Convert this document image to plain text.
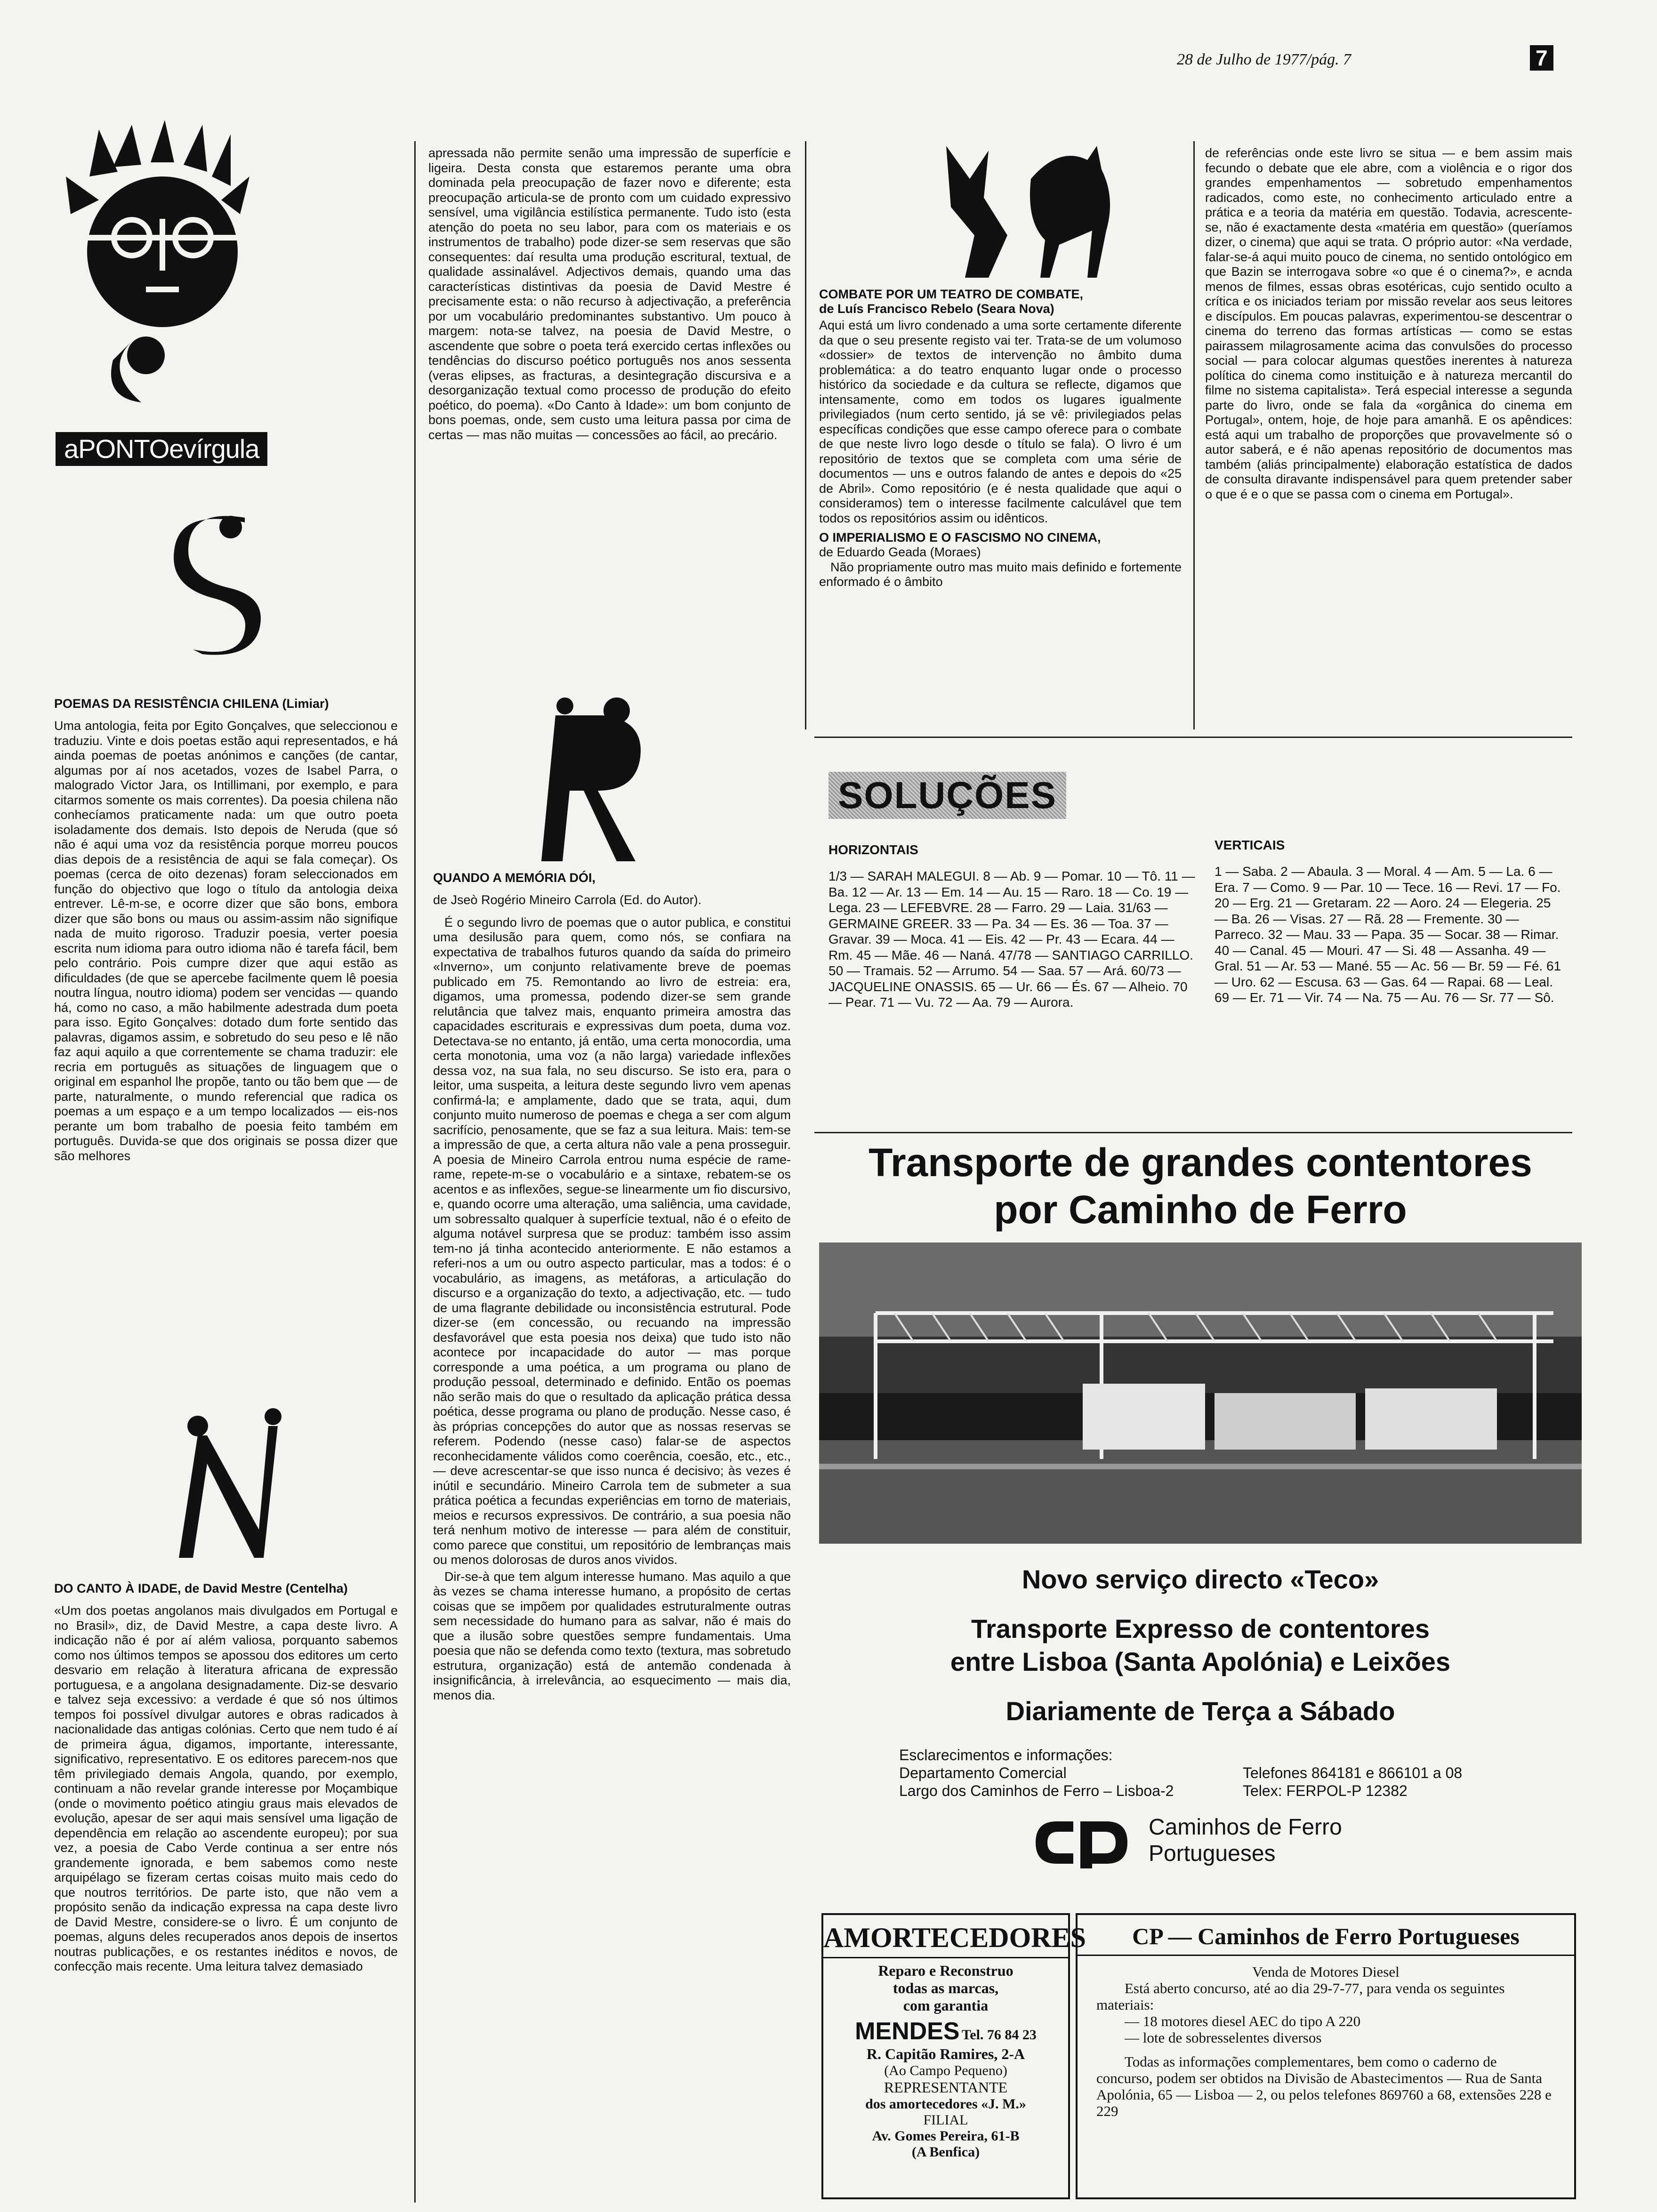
28 de Julho de 1977/pág. 7	7
aPONTOevírgula
POEMAS DA RESISTÊNCIA CHILENA (Limiar)

Uma antologia, feita por Egito Gonçalves, que seleccionou e traduziu. Vinte e dois poetas estão aqui representados, e há ainda poemas de poetas anónimos e canções (de cantar, algumas por aí nos acetados, vozes de Isabel Parra, o malogrado Victor Jara, os Intillimani, por exemplo, e para citarmos somente os mais correntes). Da poesia chilena não conhecíamos praticamente nada: um que outro poeta isoladamente dos demais. Isto depois de Neruda (que só não é aqui uma voz da resistência porque morreu poucos dias depois de a resistência de aqui se fala começar). Os poemas (cerca de oito dezenas) foram seleccionados em função do objectivo que logo o título da antologia deixa entrever. Lê-m-se, e ocorre dizer que são bons, embora dizer que são bons ou maus ou assim-assim não signifique nada de muito rigoroso. Traduzir poesia, verter poesia escrita num idioma para outro idioma não é tarefa fácil, bem pelo contrário. Pois cumpre dizer que aqui estão as dificuldades (de que se apercebe facilmente quem lê poesia noutra língua, noutro idioma) podem ser vencidas — quando há, como no caso, a mão habilmente adestrada dum poeta para isso. Egito Gonçalves: dotado dum forte sentido das palavras, digamos assim, e sobretudo do seu peso e lê não faz aqui aquilo a que correntemente se chama traduzir: ele recria em português as situações de linguagem que o original em espanhol lhe propõe, tanto ou tão bem que — de parte, naturalmente, o mundo referencial que radica os poemas a um espaço e a um tempo localizados — eis-nos perante um bom trabalho de poesia feito também em português. Duvida-se que dos originais se possa dizer que são melhores

DO CANTO À IDADE, de David Mestre (Centelha)

«Um dos poetas angolanos mais divulgados em Portugal e no Brasil», diz, de David Mestre, a capa deste livro. A indicação não é por aí além valiosa, porquanto sabemos como nos últimos tempos se apossou dos editores um certo desvario em relação à literatura africana de expressão portuguesa, e a angolana designadamente. Diz-se desvario e talvez seja excessivo: a verdade é que só nos últimos tempos foi possível divulgar autores e obras radicados à nacionalidade das antigas colónias. Certo que nem tudo é aí de primeira água, digamos, importante, interessante, significativo, representativo. E os editores parecem-nos que têm privilegiado demais Angola, quando, por exemplo, continuam a não revelar grande interesse por Moçambique (onde o movimento poético atingiu graus mais elevados de evolução, apesar de ser aqui mais sensível uma ligação de dependência em relação ao ascendente europeu); por sua vez, a poesia de Cabo Verde continua a ser entre nós grandemente ignorada, e bem sabemos como neste arquipélago se fizeram certas coisas muito mais cedo do que noutros territórios. De parte isto, que não vem a propósito senão da indicação expressa na capa deste livro de David Mestre, considere-se o livro. É um conjunto de poemas, alguns deles recuperados anos depois de insertos noutras publicações, e os restantes inéditos e novos, de confecção mais recente. Uma leitura talvez demasiado

apressada não permite senão uma impressão de superfície e ligeira. Desta consta que estaremos perante uma obra dominada pela preocupação de fazer novo e diferente; esta preocupação articula-se de pronto com um cuidado expressivo sensível, uma vigilância estilística permanente. Tudo isto (esta atenção do poeta no seu labor, para com os materiais e os instrumentos de trabalho) pode dizer-se sem reservas que são consequentes: daí resulta uma produção escritural, textual, de qualidade assinalável. Adjectivos demais, quando uma das características distintivas da poesia de David Mestre é precisamente esta: o não recurso à adjectivação, a preferência por um vocabulário predominantes substantivo. Um pouco à margem: nota-se talvez, na poesia de David Mestre, o ascendente que sobre o poeta terá exercido certas inflexões ou tendências do discurso poético português nos anos sessenta (veras elipses, as fracturas, a desintegração discursiva e a desorganização textual como processo de produção do efeito poético, do poema). «Do Canto à Idade»: um bom conjunto de bons poemas, onde, sem custo uma leitura passa por cima de certas — mas não muitas — concessões ao fácil, ao precário.

QUANDO A MEMÓRIA DÓI,
de Jseò Rogério Mineiro Carrola (Ed. do Autor).

É o segundo livro de poemas que o autor publica, e constitui uma desilusão para quem, como nós, se confiara na expectativa de trabalhos futuros quando da saída do primeiro «Inverno», um conjunto relativamente breve de poemas publicado em 75. Remontando ao livro de estreia: era, digamos, uma promessa, podendo dizer-se sem grande relutância que talvez mais, enquanto primeira amostra das capacidades escriturais e expressivas dum poeta, duma voz. Detectava-se no entanto, já então, uma certa monocordia, uma certa monotonia, uma voz (a não larga) variedade inflexões dessa voz, na sua fala, no seu discurso. Se isto era, para o leitor, uma suspeita, a leitura deste segundo livro vem apenas confirmá-la; e amplamente, dado que se trata, aqui, dum conjunto muito numeroso de poemas e chega a ser com algum sacrifício, penosamente, que se faz a sua leitura. Mais: tem-se a impressão de que, a certa altura não vale a pena prosseguir. A poesia de Mineiro Carrola entrou numa espécie de rame-rame, repete-m-se o vocabulário e a sintaxe, rebatem-se os acentos e as inflexões, segue-se linearmente um fio discursivo, e, quando ocorre uma alteração, uma saliência, uma cavidade, um sobressalto qualquer à superfície textual, não é o efeito de alguma notável surpresa que se produz: também isso assim tem-no já tinha acontecido anteriormente. E não estamos a referi-nos a um ou outro aspecto particular, mas a todos: é o vocabulário, as imagens, as metáforas, a articulação do discurso e a organização do texto, a adjectivação, etc. — tudo de uma flagrante debilidade ou inconsistência estrutural. Pode dizer-se (em concessão, ou recuando na impressão desfavorável que esta poesia nos deixa) que tudo isto não acontece por incapacidade do autor — mas porque corresponde a uma poética, a um programa ou plano de produção pessoal, determinado e definido. Então os poemas não serão mais do que o resultado da aplicação prática dessa poética, desse programa ou plano de produção. Nesse caso, é às próprias concepções do autor que as nossas reservas se referem. Podendo (nesse caso) falar-se de aspectos reconhecidamente válidos como coerência, coesão, etc., etc., — deve acrescentar-se que isso nunca é decisivo; às vezes é inútil e secundário. Mineiro Carrola tem de submeter a sua prática poética a fecundas experiências em torno de materiais, meios e recursos expressivos. De contrário, a sua poesia não terá nenhum motivo de interesse — para além de constituir, como parece que constitui, um repositório de lembranças mais ou menos dolorosas de duros anos vividos.

Dir-se-à que tem algum interesse humano. Mas aquilo a que às vezes se chama interesse humano, a propósito de certas coisas que se impõem por qualidades estruturalmente outras sem necessidade do humano para as salvar, não é mais do que a ilusão sobre questões sempre fundamentais. Uma poesia que não se defenda como texto (textura, mas sobretudo estrutura, organização) está de antemão condenada à insignificância, à irrelevância, ao esquecimento — mais dia, menos dia.

COMBATE POR UM TEATRO DE COMBATE,
de Luís Francisco Rebelo (Seara Nova)

Aqui está um livro condenado a uma sorte certamente diferente da que o seu presente registo vai ter. Trata-se de um volumoso «dossier» de textos de intervenção no âmbito duma problemática: a do teatro enquanto lugar onde o processo histórico da sociedade e da cultura se reflecte, digamos que intensamente, como em todos os lugares igualmente privilegiados (num certo sentido, já se vê: privilegiados pelas específicas condições que esse campo oferece para o combate de que neste livro logo desde o título se fala). O livro é um repositório de textos que se completa com uma série de documentos — uns e outros falando de antes e depois do «25 de Abril». Como repositório (e é nesta qualidade que aqui o consideramos) tem o interesse facilmente calculável que tem todos os repositórios assim ou idênticos.

O IMPERIALISMO E O FASCISMO NO CINEMA,
de Eduardo Geada (Moraes)

Não propriamente outro mas muito mais definido e fortemente enformado é o âmbito

de referências onde este livro se situa — e bem assim mais fecundo o debate que ele abre, com a violência e o rigor dos grandes empenhamentos — sobretudo empenhamentos radicados, como este, no conhecimento articulado entre a prática e a teoria da matéria em questão. Todavia, acrescente-se, não é exactamente desta «matéria em questão» (queríamos dizer, o cinema) que aqui se trata. O próprio autor: «Na verdade, falar-se-á aqui muito pouco de cinema, no sentido ontológico em que Bazin se interrogava sobre «o que é o cinema?», e acnda menos de filmes, essas obras esotéricas, cujo sentido oculto a crítica e os iniciados teriam por missão revelar aos seus leitores e discípulos. Em poucas palavras, experimentou-se descentrar o cinema do terreno das formas artísticas — como se estas pairassem milagrosamente acima das convulsões do processo social — para colocar algumas questões inerentes à natureza política do cinema como instituição e à natureza mercantil do filme no sistema capitalista». Terá especial interesse a segunda parte do livro, onde se fala da «orgânica do cinema em Portugal», ontem, hoje, de hoje para amanhã. E os apêndices: está aqui um trabalho de proporções que provavelmente só o autor saberá, e é não apenas repositório de documentos mas também (aliás principalmente) elaboração estatística de dados de consulta diravante indispensável para quem pretender saber o que é e o que se passa com o cinema em Portugal».

SOLUÇÕES
HORIZONTAIS
1/3 — SARAH MALEGUI. 8 — Ab. 9 — Pomar. 10 — Tô. 11 — Ba. 12 — Ar. 13 — Em. 14 — Au. 15 — Raro. 18 — Co. 19 — Lega. 23 — LEFEBVRE. 28 — Farro. 29 — Laia. 31/63 — GERMAINE GREER. 33 — Pa. 34 — Es. 36 — Toa. 37 — Gravar. 39 — Moca. 41 — Eis. 42 — Pr. 43 — Ecara. 44 — Rm. 45 — Mãe. 46 — Naná. 47/78 — SANTIAGO CARRILLO. 50 — Tramais. 52 — Arrumo. 54 — Saa. 57 — Ará. 60/73 — JACQUELINE ONASSIS. 65 — Ur. 66 — És. 67 — Alheio. 70 — Pear. 71 — Vu. 72 — Aa. 79 — Aurora.
VERTICAIS
1 — Saba. 2 — Abaula. 3 — Moral. 4 — Am. 5 — La. 6 — Era. 7 — Como. 9 — Par. 10 — Tece. 16 — Revi. 17 — Fo. 20 — Erg. 21 — Gretaram. 22 — Aoro. 24 — Elegeria. 25 — Ba. 26 — Visas. 27 — Rã. 28 — Fremente. 30 — Parreco. 32 — Mau. 33 — Papa. 35 — Socar. 38 — Rimar. 40 — Canal. 45 — Mouri. 47 — Si. 48 — Assanha. 49 — Gral. 51 — Ar. 53 — Mané. 55 — Ac. 56 — Br. 59 — Fé. 61 — Uro. 62 — Escusa. 63 — Gas. 64 — Rapai. 68 — Leal. 69 — Er. 71 — Vir. 74 — Na. 75 — Au. 76 — Sr. 77 — Sô.
Transporte de grandes contentores
por Caminho de Ferro
Novo serviço directo «Teco»
Transporte Expresso de contentores
entre Lisboa (Santa Apolónia) e Leixões
Diariamente de Terça a Sábado
Esclarecimentos e informações:
Departamento Comercial
Largo dos Caminhos de Ferro – Lisboa-2
Telefones 864181 e 866101 a 08
Telex: FERPOL-P 12382
Caminhos de Ferro
Portugueses
AMORTECEDORES
Reparo e Reconstruo
todas as marcas,
com garantia
MENDES Tel. 76 84 23
R. Capitão Ramires, 2-A
(Ao Campo Pequeno)
REPRESENTANTE
dos amortecedores «J. M.»
FILIAL
Av. Gomes Pereira, 61-B
(A Benfica)
CP — Caminhos de Ferro Portugueses
Venda de Motores Diesel
Está aberto concurso, até ao dia 29-7-77, para venda os seguintes materiais:
— 18 motores diesel AEC do tipo A 220
— lote de sobresselentes diversos
Todas as informações complementares, bem como o caderno de concurso, podem ser obtidos na Divisão de Abastecimentos — Rua de Santa Apolónia, 65 — Lisboa — 2, ou pelos telefones 869760 a 68, extensões 228 e 229
